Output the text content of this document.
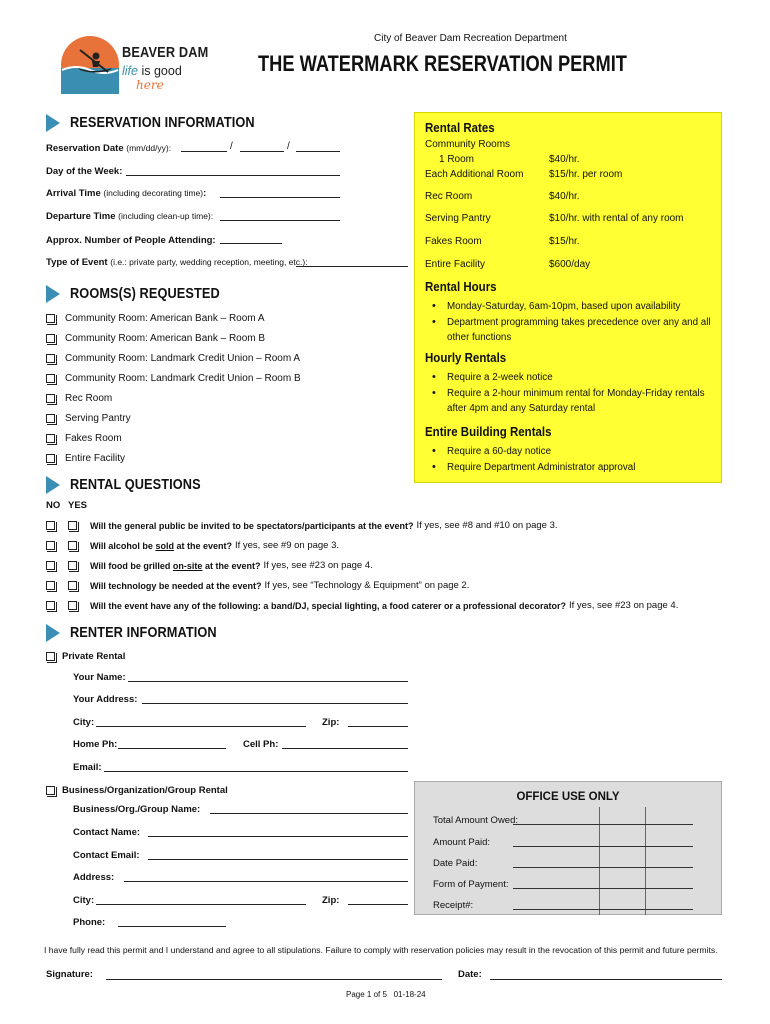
BEAVER DAM
life is good
here
City of Beaver Dam Recreation Department
THE WATERMARK RESERVATION PERMIT
RESERVATION INFORMATION
Reservation Date (mm/dd/yy):	/	/
Day of the Week:
Arrival Time (including decorating time):
Departure Time (including clean-up time):
Approx. Number of People Attending:
Type of Event (i.e.: private party, wedding reception, meeting, etc.):
ROOMS(S) REQUESTED
Community Room: American Bank – Room A
Community Room: American Bank – Room B
Community Room: Landmark Credit Union – Room A
Community Room: Landmark Credit Union – Room B
Rec Room
Serving Pantry
Fakes Room
Entire Facility
Rental Rates
Community Rooms
1 Room	$40/hr.
Each Additional Room	$15/hr. per room
Rec Room	$40/hr.
Serving Pantry	$10/hr. with rental of any room
Fakes Room	$15/hr.
Entire Facility	$600/day
Rental Hours
• Monday-Saturday, 6am-10pm, based upon availability
• Department programming takes precedence over any and all other functions
Hourly Rentals
• Require a 2-week notice
• Require a 2-hour minimum rental for Monday-Friday rentals after 4pm and any Saturday rental
Entire Building Rentals
• Require a 60-day notice
• Require Department Administrator approval
RENTAL QUESTIONS
NO YES
Will the general public be invited to be spectators/participants at the event? If yes, see #8 and #10 on page 3.
Will alcohol be sold at the event? If yes, see #9 on page 3.
Will food be grilled on-site at the event? If yes, see #23 on page 4.
Will technology be needed at the event? If yes, see “Technology & Equipment” on page 2.
Will the event have any of the following: a band/DJ, special lighting, a food caterer or a professional decorator? If yes, see #23 on page 4.
RENTER INFORMATION
Private Rental
Your Name:
Your Address:
City:	Zip:
Home Ph:	Cell Ph:
Email:
Business/Organization/Group Rental
Business/Org./Group Name:
Contact Name:
Contact Email:
Address:
City:	Zip:
Phone:
OFFICE USE ONLY
Total Amount Owed:
Amount Paid:
Date Paid:
Form of Payment:
Receipt#:
I have fully read this permit and I understand and agree to all stipulations. Failure to comply with reservation policies may result in the revocation of this permit and future permits.
Signature:	Date:
Page 1 of 5 01-18-24
